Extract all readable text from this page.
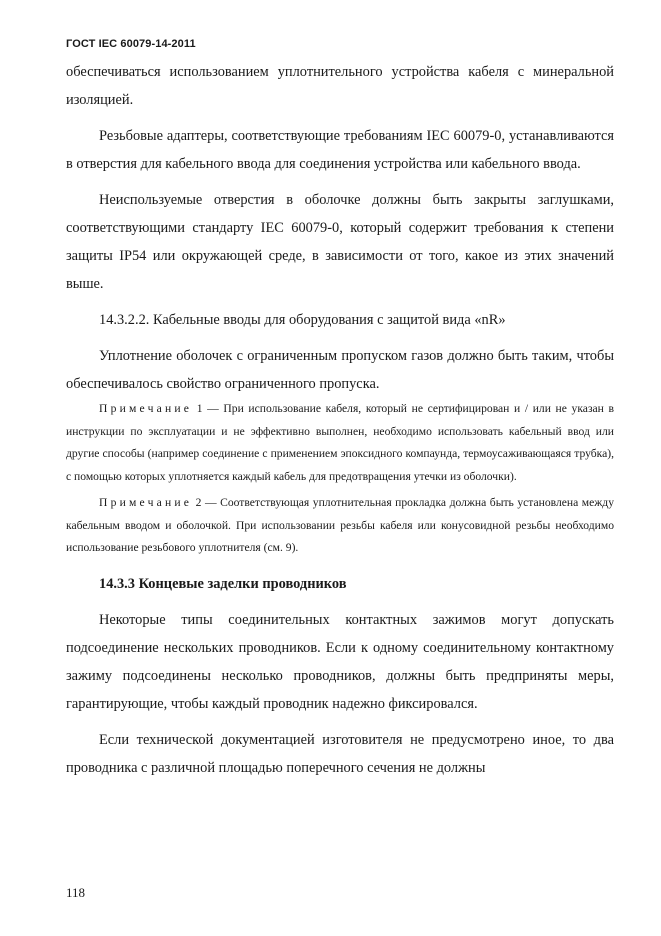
ГОСТ IEC 60079-14-2011

обеспечиваться использованием уплотнительного устройства кабеля с минеральной изоляцией.

Резьбовые адаптеры, соответствующие требованиям IEC 60079-0, устанавливаются в отверстия для кабельного ввода для соединения устройства или кабельного ввода.

Неиспользуемые отверстия в оболочке должны быть закрыты заглушками, соответствующими стандарту IEC 60079-0, который содержит требования к степени защиты IP54 или окружающей среде, в зависимости от того, какое из этих значений выше.

14.3.2.2. Кабельные вводы для оборудования с защитой вида «nR»

Уплотнение оболочек с ограниченным пропуском газов должно быть таким, чтобы обеспечивалось свойство ограниченного пропуска.

Примечание 1 — При использование кабеля, который не сертифицирован и / или не указан в инструкции по эксплуатации и не эффективно выполнен, необходимо использовать кабельный ввод или другие способы (например соединение с применением эпоксидного компаунда, термоусаживающаяся трубка), с помощью которых уплотняется каждый кабель для предотвращения утечки из оболочки).

Примечание 2 — Соответствующая уплотнительная прокладка должна быть установлена между кабельным вводом и оболочкой. При использовании резьбы кабеля или конусовидной резьбы необходимо использование резьбового уплотнителя (см. 9).

14.3.3 Концевые заделки проводников

Некоторые типы соединительных контактных зажимов могут допускать подсоединение нескольких проводников. Если к одному соединительному контактному зажиму подсоединены несколько проводников, должны быть предприняты меры, гарантирующие, чтобы каждый проводник надежно фиксировался.

Если технической документацией изготовителя не предусмотрено иное, то два проводника с различной площадью поперечного сечения не должны

118
